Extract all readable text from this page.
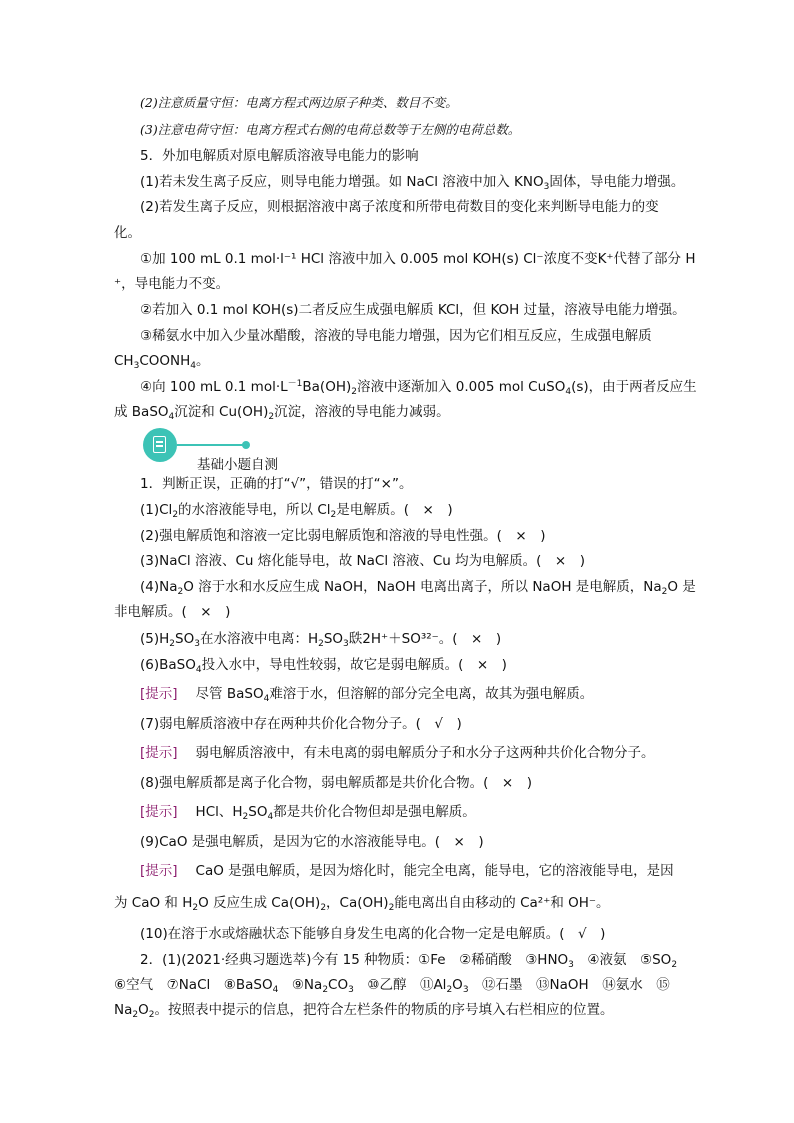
(2)注意质量守恒：电离方程式两边原子种类、数目不变。
(3)注意电荷守恒：电离方程式右侧的电荷总数等于左侧的电荷总数。
5．外加电解质对原电解质溶液导电能力的影响
(1)若未发生离子反应，则导电能力增强。如 NaCl 溶液中加入 $KNO_3$固体，导电能力增强。
(2)若发生离子反应，则根据溶液中离子浓度和所带电荷数目的变化来判断导电能力的变
化。
①加 100 mL 0.1 mol·l⁻¹ HCl 溶液中加入 0.005 mol KOH(s) Cl⁻浓度不变K⁺代替了部分 H
⁺，导电能力不变。
②若加入 0.1 mol KOH(s)二者反应生成强电解质 KCl，但 KOH 过量，溶液导电能力增强。
③稀氨水中加入少量冰醋酸，溶液的导电能力增强，因为它们相互反应，生成强电解质
$CH_3COONH_4$。
④向 100 mL 0.1 $mol\cdot L^{-1}Ba(OH)_2$溶液中逐渐加入 0.005 mol CuSO$_4$(s)，由于两者反应生
成 BaSO$_4$沉淀和 $Cu(OH)_2$沉淀，溶液的导电能力减弱。
基础小题自测
1．判断正误，正确的打“√”，错误的打“×”。
$(1)Cl_2$的水溶液能导电，所以 $Cl_2$是电解质。(　×　)
(2)强电解质饱和溶液一定比弱电解质饱和溶液的导电性强。(　×　)
(3)NaCl 溶液、Cu 熔化能导电，故 NaCl 溶液、Cu 均为电解质。(　×　)
$(4)Na_2O$ 溶于水和水反应生成 NaOH，NaOH 电离出离子，所以 NaOH 是电解质，$Na_2O$ 是
非电解质。(　×　)
$(5)H_2SO_3$在水溶液中电离：$H_2SO_3$㲳2H⁺＋SO³²⁻。(　×　)
(6)BaSO$_4$投入水中，导电性较弱，故它是弱电解质。(　×　)
[提示] 尽管 BaSO$_4$难溶于水，但溶解的部分完全电离，故其为强电解质。
(7)弱电解质溶液中存在两种共价化合物分子。(　√　)
[提示] 弱电解质溶液中，有未电离的弱电解质分子和水分子这两种共价化合物分子。
(8)强电解质都是离子化合物，弱电解质都是共价化合物。(　×　)
[提示] HCl、$H_2SO_4$都是共价化合物但却是强电解质。
(9)CaO 是强电解质，是因为它的水溶液能导电。(　×　)
[提示] CaO 是强电解质，是因为熔化时，能完全电离，能导电，它的溶液能导电，是因
为 CaO 和 $H_2O$ 反应生成 $Ca(OH)_2$，$Ca(OH)_2$能电离出自由移动的 Ca²⁺和 OH⁻。
(10)在溶于水或熔融状态下能够自身发生电离的化合物一定是电解质。(　√　)
2．(1)(2021·经典习题选萃)今有 15 种物质：①Fe　②稀硝酸　$③HNO_3$　④液氨　$⑤SO_2$
⑥空气　⑦NaCl　⑧BaSO$_4$　$⑨Na_2CO_3$　⑩乙醇　$⑪Al_2O_3$　⑫石墨　⑬NaOH　⑭氨水　⑮
$Na_2O_2$。按照表中提示的信息，把符合左栏条件的物质的序号填入右栏相应的位置。
